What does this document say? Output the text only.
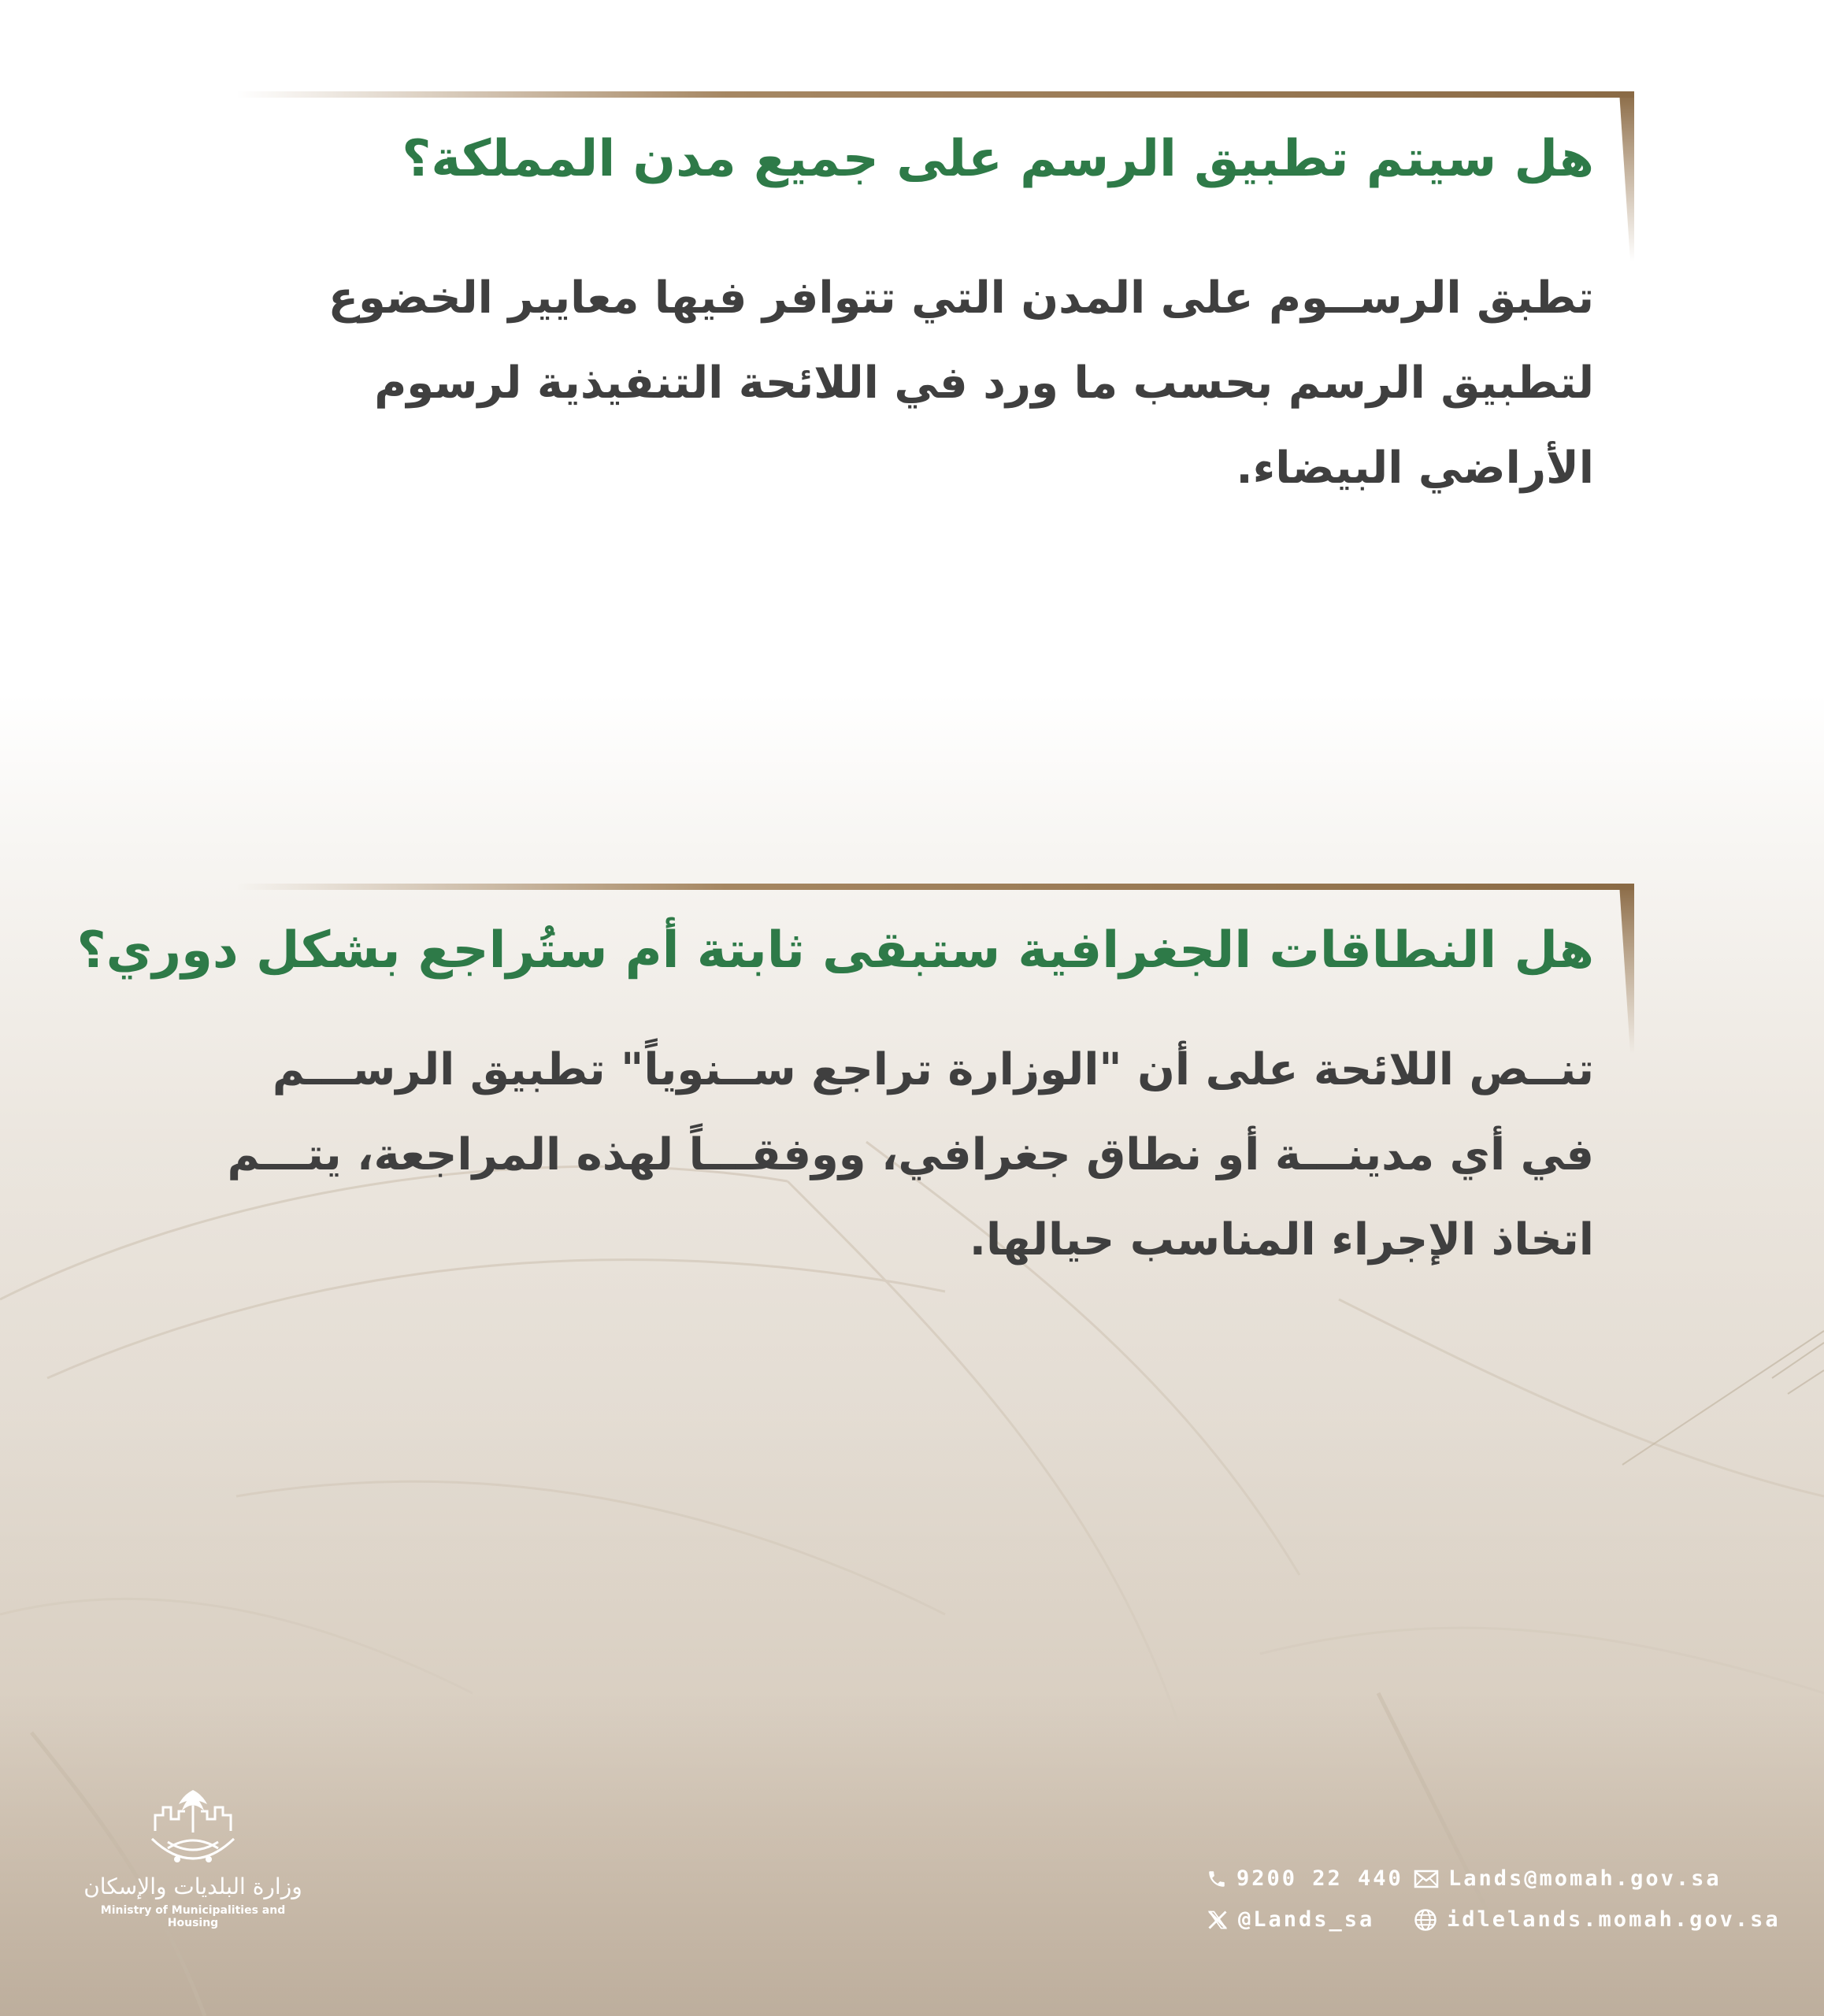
هل سيتم تطبيق الرسم على جميع مدن المملكة؟

تطبق الرســوم على المدن التي تتوافر فيها معايير الخضوع لتطبيق الرسم بحسب ما ورد في اللائحة التنفيذية لرسوم الأراضي البيضاء.

هل النطاقات الجغرافية ستبقى ثابتة أم ستُراجع بشكل دوري؟

تنــص اللائحة على أن "الوزارة تراجع ســنوياً" تطبيق الرســـم في أي مدينـــة أو نطاق جغرافي، ووفقـــاً لهذه المراجعة، يتـــم اتخاذ الإجراء المناسب حيالها.

وزارة البلديات والإسكان
Ministry of Municipalities and Housing
9200 22 440 Lands@momah.gov.sa
@Lands_sa	idlelands.momah.gov.sa
